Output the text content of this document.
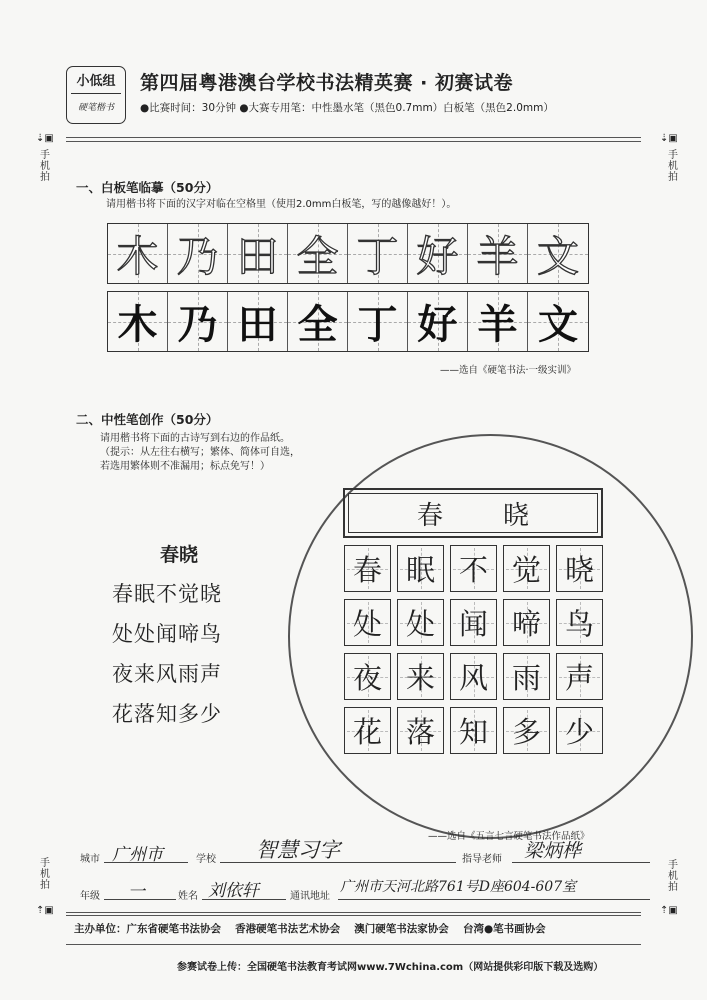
小低组
硬笔楷书
第四届粤港澳台学校书法精英赛 · 初赛试卷
●比赛时间：30分钟 ●大赛专用笔：中性墨水笔（黑色0.7mm）白板笔（黑色2.0mm）
⇣▣
手机拍
⇣▣
手机拍
手机拍
⇡▣
手机拍
⇡▣
一、白板笔临摹（50分）
请用楷书将下面的汉字对临在空格里（使用2.0mm白板笔，写的越像越好！）。
木 乃 田 全 丁 好 羊 文
木 乃 田 全 丁 好 羊 文
——选自《硬笔书法·一级实训》
二、中性笔创作（50分）
请用楷书将下面的古诗写到右边的作品纸。
（提示：从左往右横写；繁体、简体可自选，
若选用繁体则不准漏用；标点免写！）
春晓
春眠不觉晓
处处闻啼鸟
夜来风雨声
花落知多少
春 晓
春 眠 不 觉 晓
处 处 闻 啼 鸟
夜 来 风 雨 声
花 落 知 多 少
——选自《五言七言硬笔书法作品纸》
城市 广州市	学校 智慧习字	指导老师 梁炳桦
年级 一	姓名 刘依轩	通讯地址
广州市天河北路761号D座604-607室
主办单位：广东省硬笔书法协会　 香港硬笔书法艺术协会　 澳门硬笔书法家协会　 台湾●笔书画协会
参赛试卷上传：全国硬笔书法教育考试网www.7Wchina.com（网站提供彩印版下载及选购）
